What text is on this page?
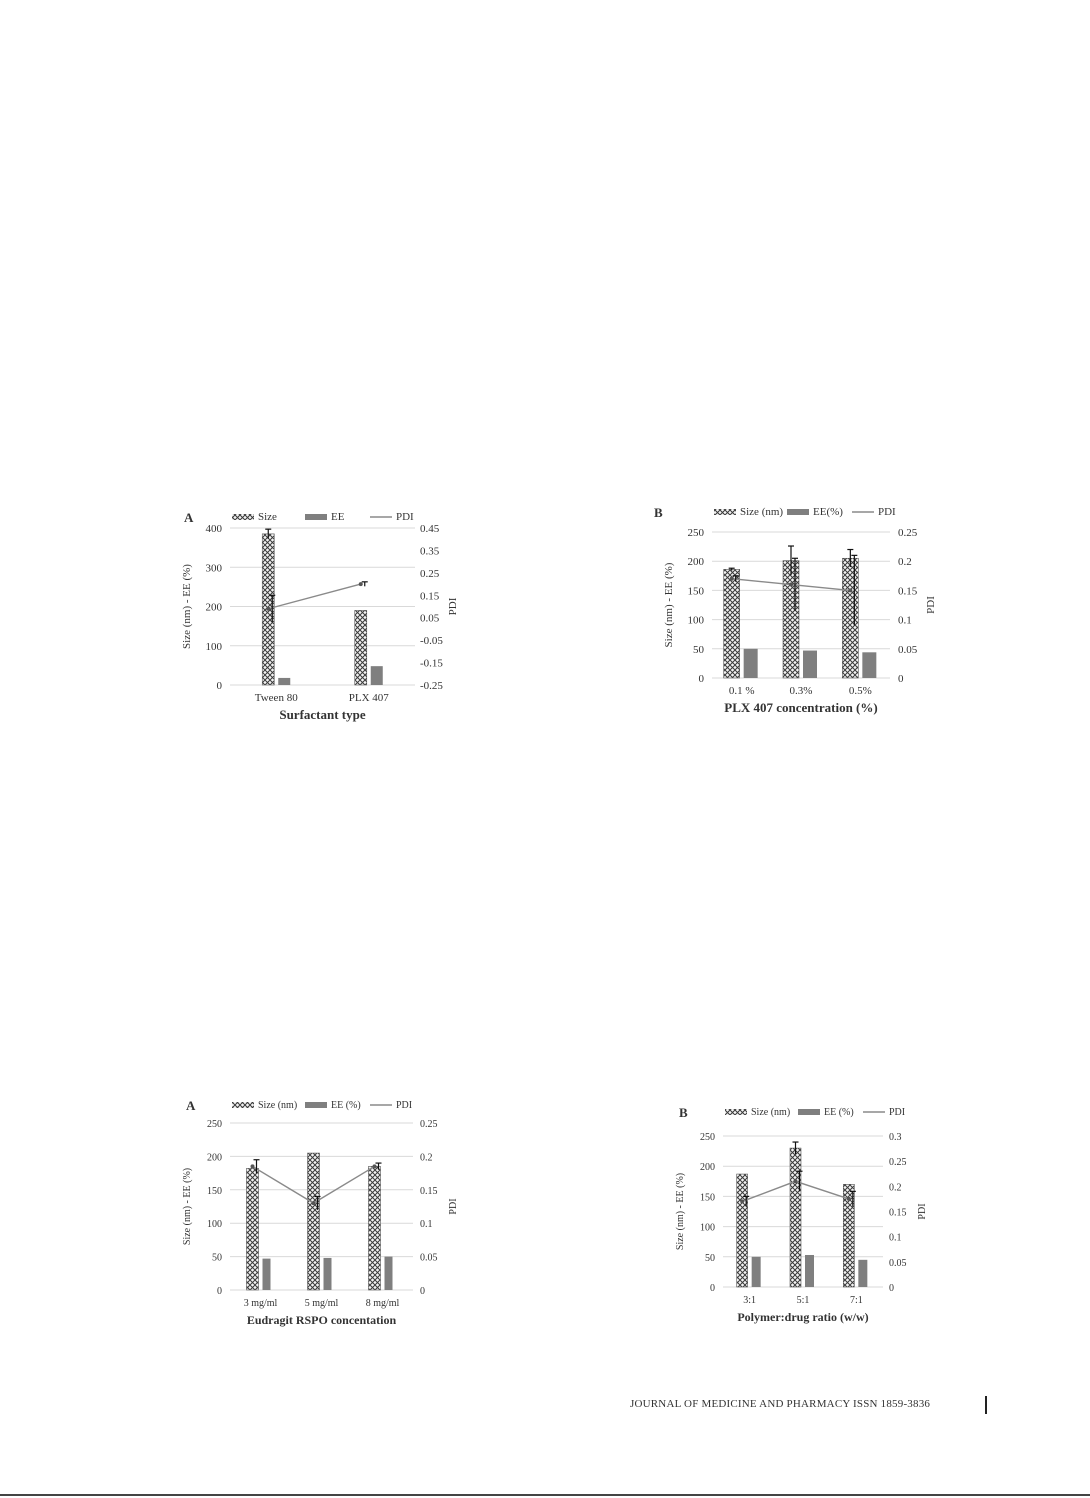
A	Size	EE	PDI
0
100
200
300
400
-0.25
-0.15
-0.05
0.05
0.15
0.25
0.35
0.45
Size (nm) - EE (%)	PDI
Surfactant type
Tween 80	PLX 407
B	Size (nm)	EE(%)	PDI
0
50
100
150
200
250
0
0.05
0.1
0.15
0.2
0.25
Size (nm) - EE (%)	PDI
PLX 407 concentration (%)
0.1 %	0.3%	0.5%
A	Size (nm)	EE (%)	PDI
0
50
100
150
200
250
0
0.05
0.1
0.15
0.2
0.25
Size (nm) - EE (%)	PDI
Eudragit RSPO concentation
3 mg/ml	5 mg/ml	8 mg/ml
B	Size (nm)	EE (%)	PDI
0
50
100
150
200
250
0
0.05
0.1
0.15
0.2
0.25
0.3
Size (nm) - EE (%)	PDI
Polymer:drug ratio (w/w)
3:1	5:1	7:1
JOURNAL OF MEDICINE AND PHARMACY ISSN 1859-3836
